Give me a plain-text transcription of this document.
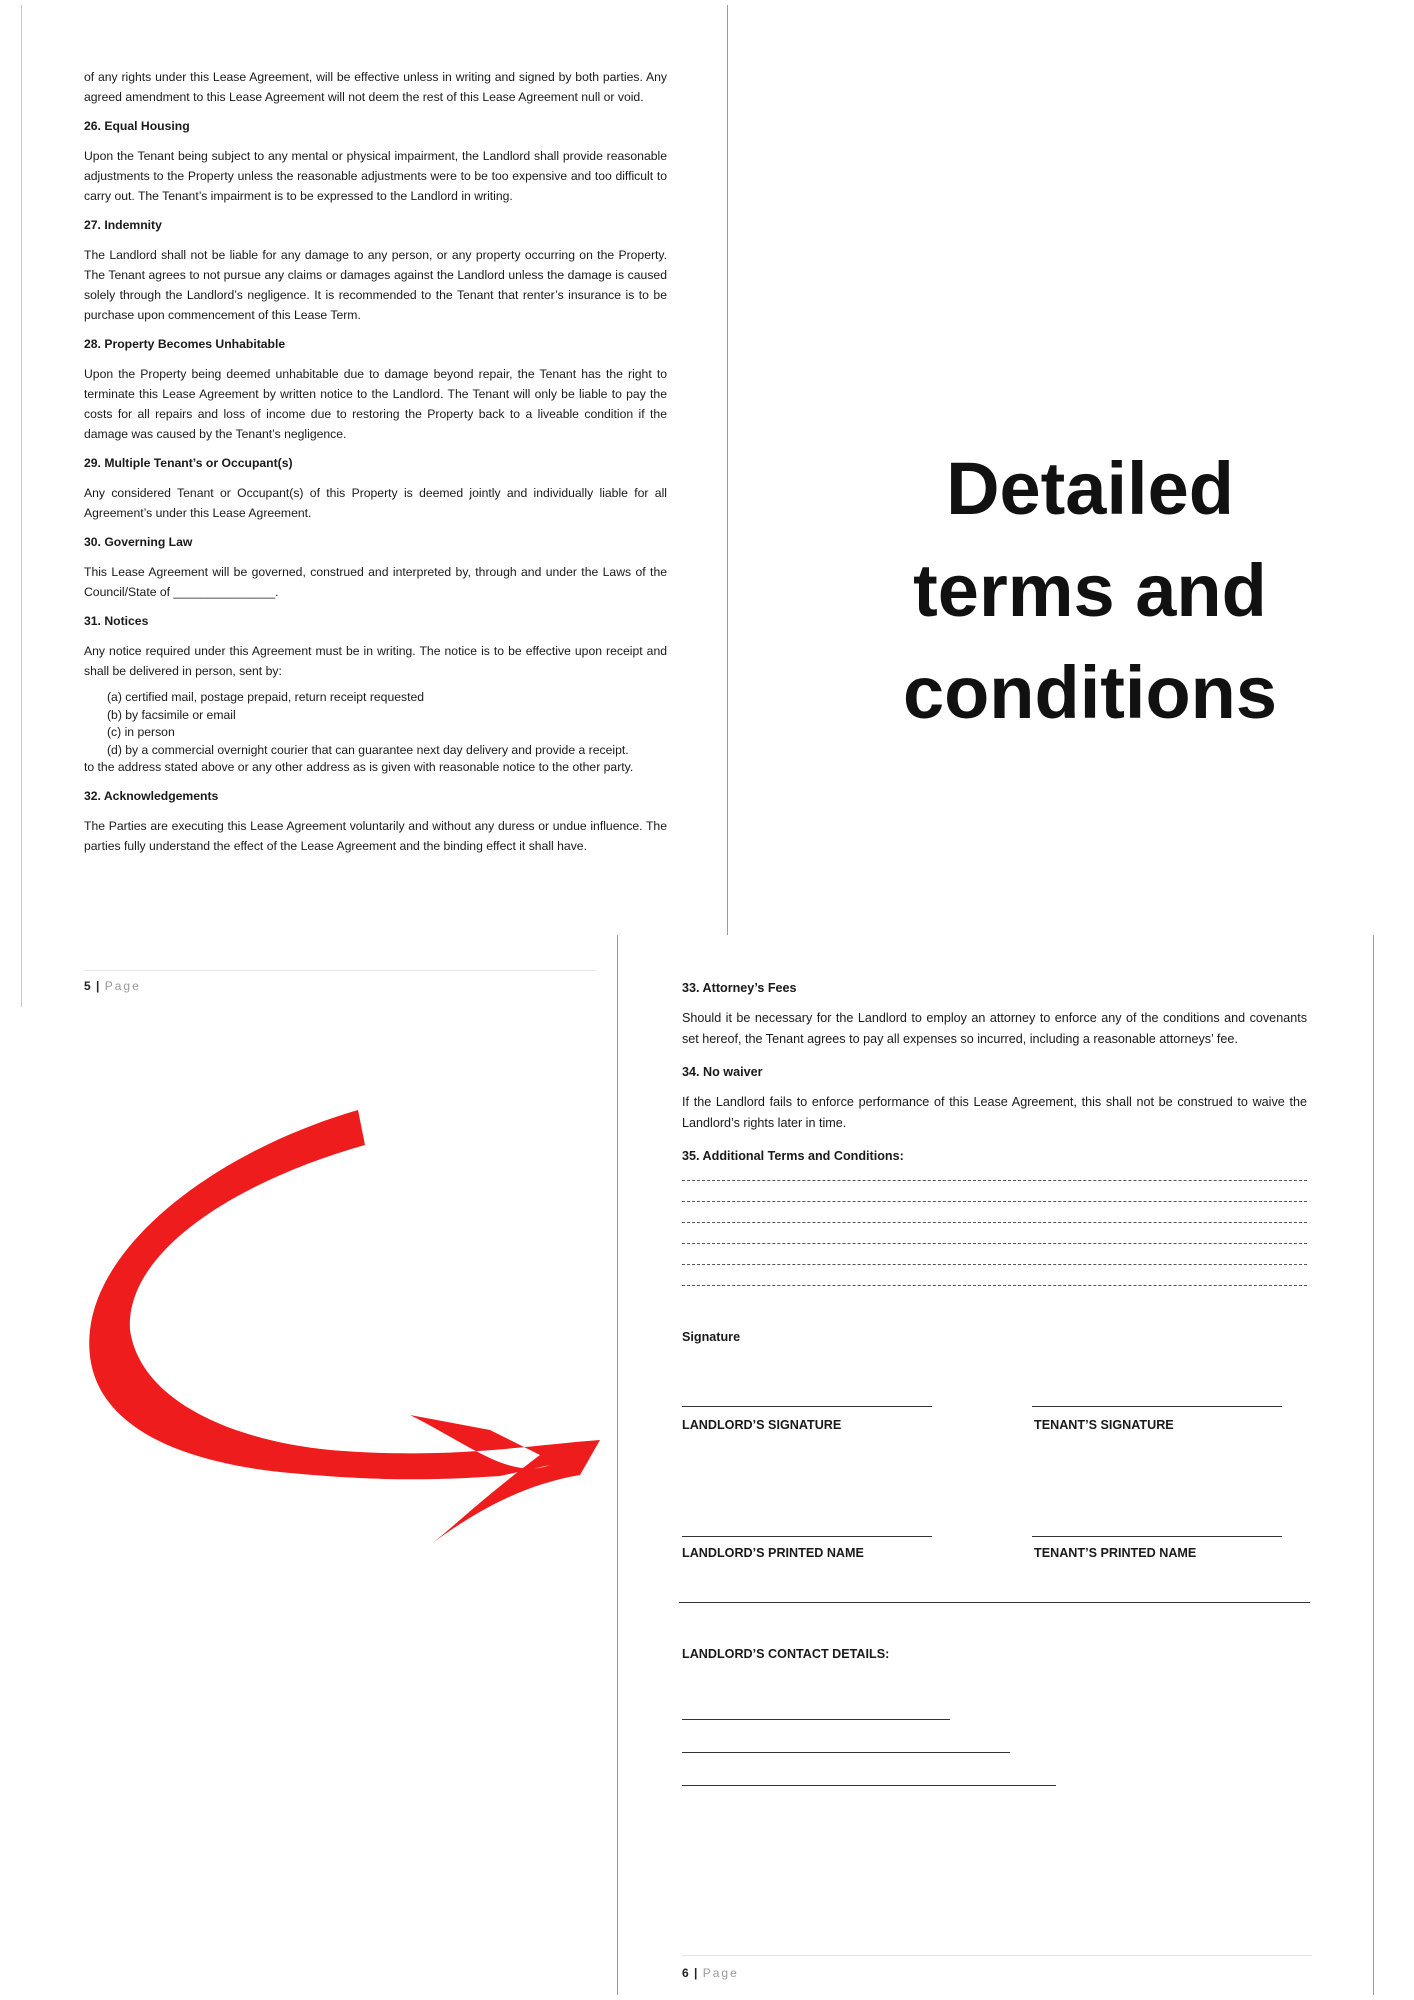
of any rights under this Lease Agreement, will be effective unless in writing and signed by both parties. Any agreed amendment to this Lease Agreement will not deem the rest of this Lease Agreement null or void.

26. Equal Housing

Upon the Tenant being subject to any mental or physical impairment, the Landlord shall provide reasonable adjustments to the Property unless the reasonable adjustments were to be too expensive and too difficult to carry out. The Tenant’s impairment is to be expressed to the Landlord in writing.

27. Indemnity

The Landlord shall not be liable for any damage to any person, or any property occurring on the Property. The Tenant agrees to not pursue any claims or damages against the Landlord unless the damage is caused solely through the Landlord’s negligence. It is recommended to the Tenant that renter’s insurance is to be purchase upon commencement of this Lease Term.

28. Property Becomes Unhabitable

Upon the Property being deemed unhabitable due to damage beyond repair, the Tenant has the right to terminate this Lease Agreement by written notice to the Landlord. The Tenant will only be liable to pay the costs for all repairs and loss of income due to restoring the Property back to a liveable condition if the damage was caused by the Tenant’s negligence.

29. Multiple Tenant’s or Occupant(s)

Any considered Tenant or Occupant(s) of this Property is deemed jointly and individually liable for all Agreement’s under this Lease Agreement.

30. Governing Law

This Lease Agreement will be governed, construed and interpreted by, through and under the Laws of the Council/State of _______________.

31. Notices

Any notice required under this Agreement must be in writing. The notice is to be effective upon receipt and shall be delivered in person, sent by:

(a) certified mail, postage prepaid, return receipt requested
(b) by facsimile or email
(c) in person
(d) by a commercial overnight courier that can guarantee next day delivery and provide a receipt.
to the address stated above or any other address as is given with reasonable notice to the other party.
32. Acknowledgements

The Parties are executing this Lease Agreement voluntarily and without any duress or undue influence. The parties fully understand the effect of the Lease Agreement and the binding effect it shall have.

5 | Page
Detailed
terms and
conditions
33. Attorney’s Fees

Should it be necessary for the Landlord to employ an attorney to enforce any of the conditions and covenants set hereof, the Tenant agrees to pay all expenses so incurred, including a reasonable attorneys’ fee.

34. No waiver

If the Landlord fails to enforce performance of this Lease Agreement, this shall not be construed to waive the Landlord’s rights later in time.

35. Additional Terms and Conditions:
Signature
LANDLORD’S SIGNATURE	TENANT’S SIGNATURE
LANDLORD’S PRINTED NAME	TENANT’S PRINTED NAME
LANDLORD’S CONTACT DETAILS:
6 | Page
